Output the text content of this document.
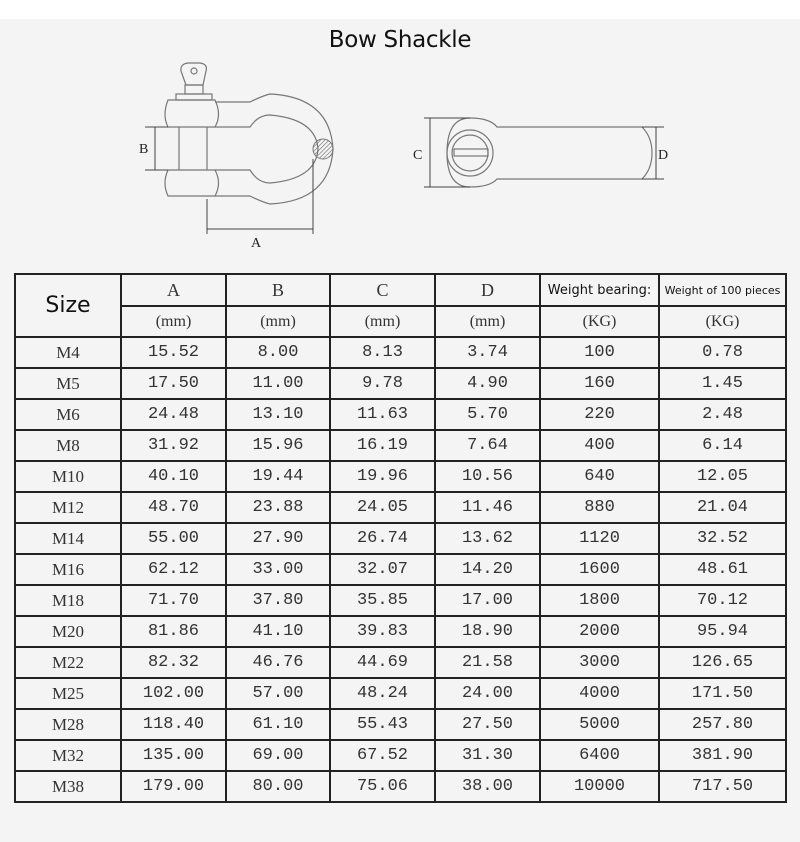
Bow Shackle
B
A
C	D
Size	A	B	C	D	Weight bearing:	Weight of 100 pieces
	(mm)	(mm)	(mm)	(mm)	(KG)	(KG)
M4	15.52	8.00	8.13	3.74	100	0.78
M5	17.50	11.00	9.78	4.90	160	1.45
M6	24.48	13.10	11.63	5.70	220	2.48
M8	31.92	15.96	16.19	7.64	400	6.14
M10	40.10	19.44	19.96	10.56	640	12.05
M12	48.70	23.88	24.05	11.46	880	21.04
M14	55.00	27.90	26.74	13.62	1120	32.52
M16	62.12	33.00	32.07	14.20	1600	48.61
M18	71.70	37.80	35.85	17.00	1800	70.12
M20	81.86	41.10	39.83	18.90	2000	95.94
M22	82.32	46.76	44.69	21.58	3000	126.65
M25	102.00	57.00	48.24	24.00	4000	171.50
M28	118.40	61.10	55.43	27.50	5000	257.80
M32	135.00	69.00	67.52	31.30	6400	381.90
M38	179.00	80.00	75.06	38.00	10000	717.50
